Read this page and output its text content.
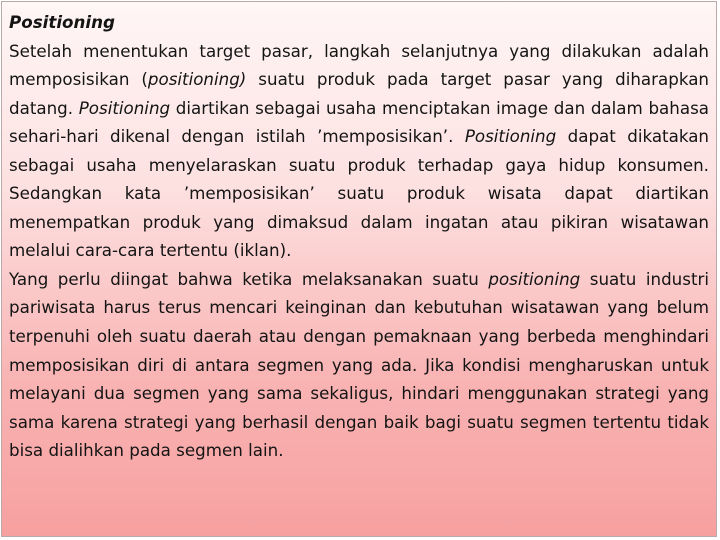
Positioning

Setelah menentukan target pasar, langkah selanjutnya yang dilakukan adalah memposisikan (positioning) suatu produk pada target pasar yang diharapkan datang. Positioning diartikan sebagai usaha menciptakan image dan dalam bahasa sehari-hari dikenal dengan istilah ’memposisikan’. Positioning dapat dikatakan sebagai usaha menyelaraskan suatu produk terhadap gaya hidup konsumen. Sedangkan kata ’memposisikan’ suatu produk wisata dapat diartikan menempatkan produk yang dimaksud dalam ingatan atau pikiran wisatawan melalui cara-cara tertentu (iklan).

Yang perlu diingat bahwa ketika melaksanakan suatu positioning suatu industri pariwisata harus terus mencari keinginan dan kebutuhan wisatawan yang belum terpenuhi oleh suatu daerah atau dengan pemaknaan yang berbeda menghindari memposisikan diri di antara segmen yang ada. Jika kondisi mengharuskan untuk melayani dua segmen yang sama sekaligus, hindari menggunakan strategi yang sama karena strategi yang berhasil dengan baik bagi suatu segmen tertentu tidak bisa dialihkan pada segmen lain.
